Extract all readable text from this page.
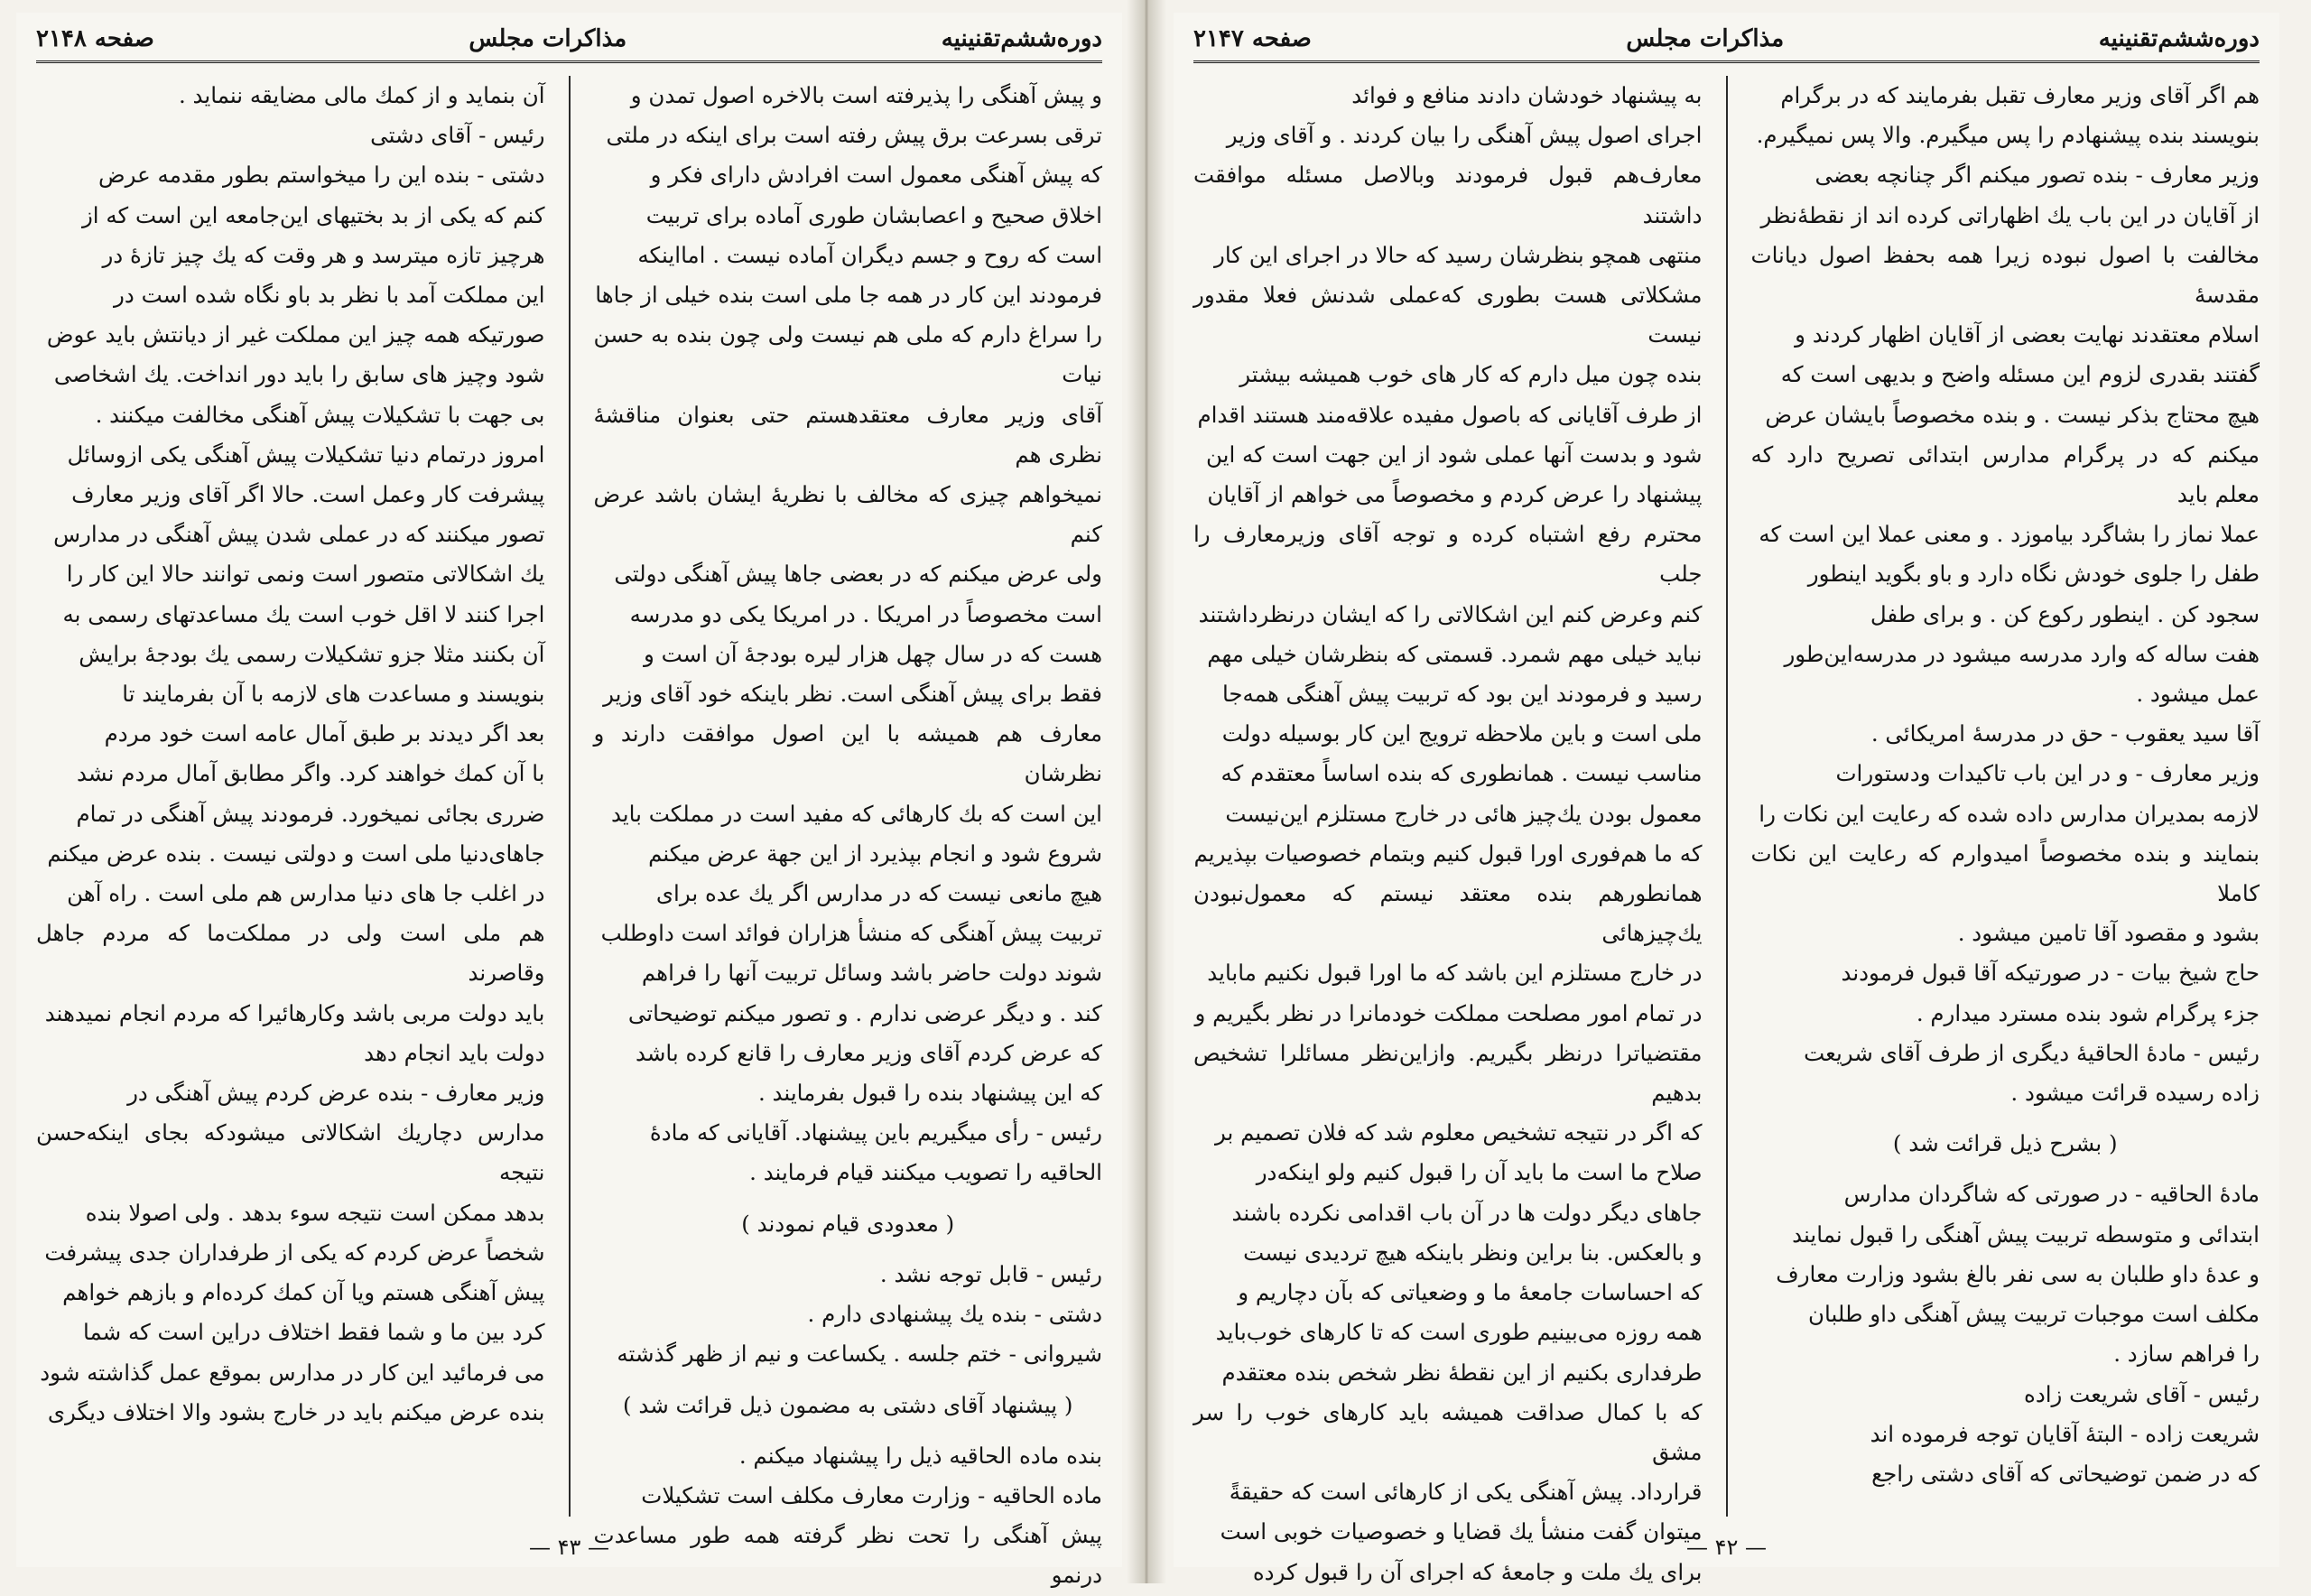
دوره‌ششم‌تقنینیه
مذاکرات مجلس
صفحه ۲۱۴۸

و پیش آهنگی را پذیرفته است بالاخره اصول تمدن و

ترقی بسرعت برق پیش رفته است برای اینکه در ملتی

که پیش آهنگی معمول است افرادش دارای فکر و

اخلاق صحیح و اعصابشان طوری آماده برای تربیت

است که روح و جسم دیگران آماده نیست . امااینکه

فرمودند این کار در همه جا ملی است بنده خیلی از جاها

را سراغ دارم که ملی هم نیست ولی چون بنده به حسن نیات

آقای وزیر معارف معتقدهستم حتی بعنوان مناقشهٔ نظری هم

نمیخواهم چیزی که مخالف با نظریهٔ ایشان باشد عرض کنم

ولی عرض میکنم که در بعضی جاها پیش آهنگی دولتی

است مخصوصاً در امریکا . در امریکا یکی دو مدرسه

هست که در سال چهل هزار لیره بودجهٔ آن است و

فقط برای پیش آهنگی است. نظر باینکه خود آقای وزیر

معارف هم همیشه با این اصول موافقت دارند و نظرشان

این است که بك کارهائی که مفید است در مملکت باید

شروع شود و انجام بپذیرد از این جهة عرض میکنم

هیچ مانعی نیست که در مدارس اگر یك عده برای

تربیت پیش آهنگی که منشأ هزاران فوائد است داوطلب

شوند دولت حاضر باشد وسائل تربیت آنها را فراهم

کند . و دیگر عرضی ندارم . و تصور میکنم توضیحاتی

که عرض کردم آقای وزیر معارف را قانع کرده باشد

که این پیشنهاد بنده را قبول بفرمایند .

رئیس - رأی میگیریم باین پیشنهاد. آقایانی که مادهٔ

الحاقیه را تصویب میکنند قیام فرمایند .

( معدودی قیام نمودند )

رئیس - قابل توجه نشد .

دشتی - بنده یك پیشنهادی دارم .

شیروانی - ختم جلسه . یکساعت و نیم از ظهر گذشته

( پیشنهاد آقای دشتی به مضمون ذیل قرائت شد )

بنده ماده الحاقیه ذیل را پیشنهاد میکنم .

ماده الحاقیه - وزارت معارف مکلف است تشکیلات

پیش آهنگی را تحت نظر گرفته همه طور مساعدت درنمو

آن بنماید و از کمك مالی مضایقه ننماید .

رئیس - آقای دشتی

دشتی - بنده این را میخواستم بطور مقدمه عرض

کنم که یکی از بد بختیهای این‌جامعه این است که از

هرچیز تازه میترسد و هر وقت که یك چیز تازهٔ در

این مملکت آمد با نظر بد باو نگاه شده است در

صورتیکه همه چیز این مملکت غیر از دیانتش باید عوض

شود وچیز های سابق را باید دور انداخت. یك اشخاصی

بی جهت با تشکیلات پیش آهنگی مخالفت میکنند .

امروز درتمام دنیا تشکیلات پیش آهنگی یکی ازوسائل

پیشرفت کار وعمل است. حالا اگر آقای وزیر معارف

تصور میکنند که در عملی شدن پیش آهنگی در مدارس

یك اشکالاتی متصور است ونمی توانند حالا این کار را

اجرا کنند لا اقل خوب است یك مساعدتهای رسمی به

آن بکنند مثلا جزو تشکیلات رسمی یك بودجهٔ برایش

بنویسند و مساعدت های لازمه با آن بفرمایند تا

بعد اگر دیدند بر طبق آمال عامه است خود مردم

با آن کمك خواهند کرد. واگر مطابق آمال مردم نشد

ضرری بجائی نمیخورد. فرمودند پیش آهنگی در تمام

جاهای‌دنیا ملی است و دولتی نیست . بنده عرض میکنم

در اغلب جا های دنیا مدارس هم ملی است . راه آهن

هم ملی است ولی در مملکت‌ما که مردم جاهل وقاصرند

باید دولت مربی باشد وکارهائیرا که مردم انجام نمیدهند

دولت باید انجام دهد

وزیر معارف - بنده عرض کردم پیش آهنگی در

مدارس دچاریك اشکالاتی میشودکه بجای اینکه‌حسن نتیجه

بدهد ممکن است نتیجه سوء بدهد . ولی اصولا بنده

شخصاً عرض کردم که یکی از طرفداران جدی پیشرفت

پیش آهنگی هستم ویا آن کمك کرده‌ام و بازهم خواهم

کرد بین ما و شما فقط اختلاف دراین است که شما

می فرمائید این کار در مدارس بموقع عمل گذاشته شود

بنده عرض میکنم باید در خارج بشود والا اختلاف دیگری

— ۴۳ —
دوره‌ششم‌تقنینیه
مذاکرات مجلس
صفحه ۲۱۴۷

هم اگر آقای وزیر معارف تقبل بفرمایند که در برگرام

بنویسند بنده پیشنهادم را پس میگیرم. والا پس نمیگیرم.

وزیر معارف - بنده تصور میکنم اگر چنانچه بعضی

از آقایان در این باب یك اظهاراتی کرده اند از نقطهٔ‌نظر

مخالفت با اصول نبوده زیرا همه بحفظ اصول دیانات مقدسهٔ

اسلام معتقدند نهایت بعضی از آقایان اظهار کردند و

گفتند بقدری لزوم این مسئله واضح و بدیهی است که

هیچ محتاج بذکر نیست . و بنده مخصوصاً بایشان عرض

میکنم که در پرگرام مدارس ابتدائی تصریح دارد که معلم باید

عملا نماز را بشاگرد بیاموزد . و معنی عملا این است که

طفل را جلوی خودش نگاه دارد و باو بگوید اینطور

سجود کن . اینطور رکوع کن . و برای طفل

هفت ساله که وارد مدرسه میشود در مدرسه‌این‌طور

عمل میشود .

آقا سید یعقوب - حق در مدرسهٔ امریکائی .

وزیر معارف - و در این باب تاکیدات ودستورات

لازمه بمدیران مدارس داده شده که رعایت این نکات را

بنمایند و بنده مخصوصاً امیدوارم که رعایت این نکات کاملا

بشود و مقصود آقا تامین میشود .

حاج شیخ بیات - در صورتیکه آقا قبول فرمودند

جزء پرگرام شود بنده مسترد میدارم .

رئیس - مادهٔ الحاقیهٔ دیگری از طرف آقای شریعت

زاده رسیده قرائت میشود .

( بشرح ذیل قرائت شد )

مادهٔ الحاقیه - در صورتی که شاگردان مدارس

ابتدائی و متوسطه تربیت پیش آهنگی را قبول نمایند

و عدهٔ داو طلبان به سی نفر بالغ بشود وزارت معارف

مکلف است موجبات تربیت پیش آهنگی داو طلبان

را فراهم سازد .

رئیس - آقای شریعت زاده

شریعت زاده - البتهٔ آقایان توجه فرموده اند

که در ضمن توضیحاتی که آقای دشتی راجع

به پیشنهاد خودشان دادند منافع و فوائد

اجرای اصول پیش آهنگی را بیان کردند . و آقای وزیر

معارف‌هم قبول فرمودند وبالاصل مسئله موافقت داشتند

منتهی همچو بنظرشان رسید که حالا در اجرای این کار

مشکلاتی هست بطوری که‌عملی شدنش فعلا مقدور نیست

بنده چون میل دارم که کار های خوب همیشه بیشتر

از طرف آقایانی که باصول مفیده علاقه‌مند هستند اقدام

شود و بدست آنها عملی شود از این جهت است که این

پیشنهاد را عرض کردم و مخصوصاً می خواهم از آقایان

محترم رفع اشتباه کرده و توجه آقای وزیرمعارف را جلب

کنم وعرض کنم این اشکالاتی را که ایشان درنظرداشتند

نباید خیلی مهم شمرد. قسمتی که بنظرشان خیلی مهم

رسید و فرمودند این بود که تربیت پیش آهنگی همه‌جا

ملی است و باین ملاحظه ترویج این کار بوسیله دولت

مناسب نیست . همانطوری که بنده اساساً معتقدم که

معمول بودن یك‌چیز هائی در خارج مستلزم این‌نیست

که ما هم‌فوری اورا قبول کنیم وبتمام خصوصیات بپذیریم

همانطورهم بنده معتقد نیستم که معمول‌نبودن یك‌چیزهائی

در خارج مستلزم این باشد که ما اورا قبول نکنیم ماباید

در تمام امور مصلحت مملکت خودمانرا در نظر بگیریم و

مقتضیاترا درنظر بگیریم. وازاین‌نظر مسائلرا تشخیص بدهیم

که اگر در نتیجه تشخیص معلوم شد که فلان تصمیم بر

صلاح ما است ما باید آن را قبول کنیم ولو اینکه‌در

جاهای دیگر دولت ها در آن باب اقدامی نکرده باشند

و بالعکس. بنا براین ونظر باینکه هیچ تردیدی نیست

که احساسات جامعهٔ ما و وضعیاتی که بآن دچاریم و

همه روزه می‌بینیم طوری است که تا کارهای خوب‌باید

طرفداری بکنیم از این نقطهٔ نظر شخص بنده معتقدم

که با کمال صداقت همیشه باید کارهای خوب را سر مشق

قرارداد. پیش آهنگی یکی از کارهائی است که حقیقةً

میتوان گفت منشأ یك قضایا و خصوصیات خوبی است

برای یك ملت و جامعهٔ که اجرای آن را قبول کرده

— ۴۲ —
